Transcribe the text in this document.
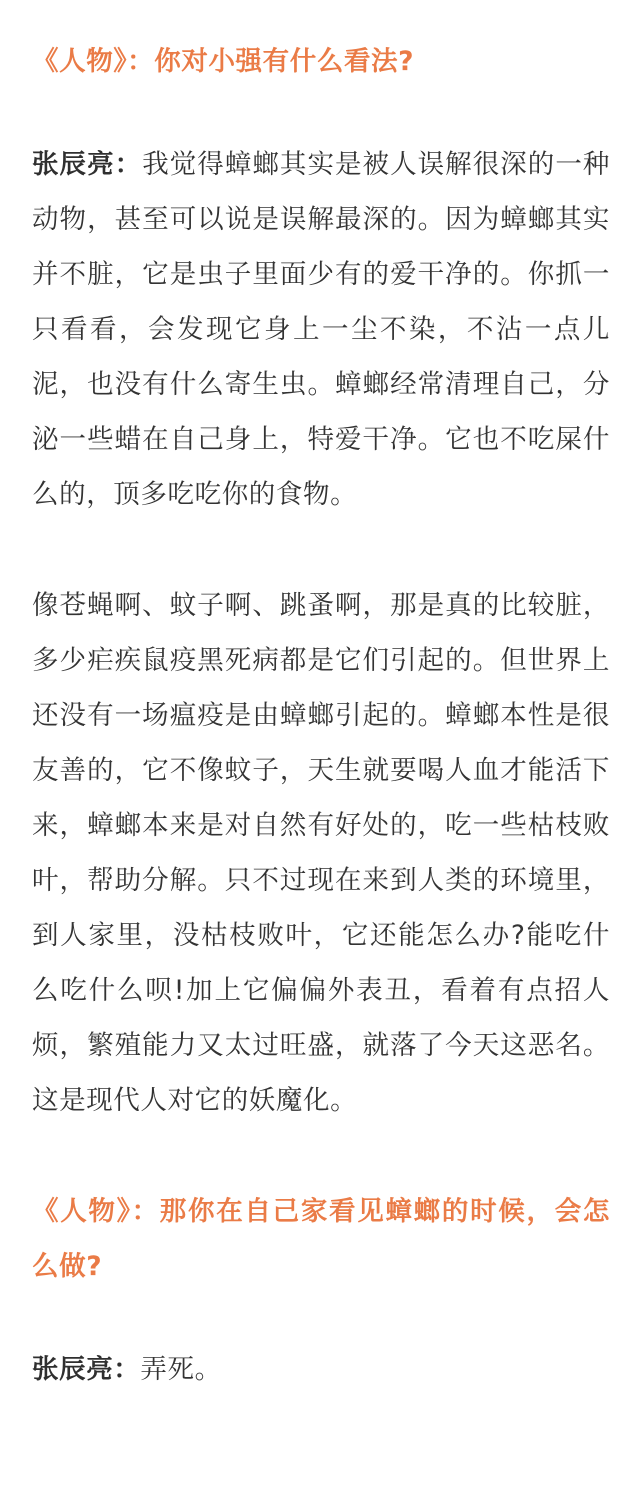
《人物》：你对小强有什么看法?

张辰亮：我觉得蟑螂其实是被人误解很深的一种动物，甚至可以说是误解最深的。因为蟑螂其实并不脏，它是虫子里面少有的爱干净的。你抓一只看看，会发现它身上一尘不染，不沾一点儿泥，也没有什么寄生虫。蟑螂经常清理自己，分泌一些蜡在自己身上，特爱干净。它也不吃屎什么的，顶多吃吃你的食物。

像苍蝇啊、蚊子啊、跳蚤啊，那是真的比较脏，多少疟疾鼠疫黑死病都是它们引起的。但世界上还没有一场瘟疫是由蟑螂引起的。蟑螂本性是很友善的，它不像蚊子，天生就要喝人血才能活下来，蟑螂本来是对自然有好处的，吃一些枯枝败叶，帮助分解。只不过现在来到人类的环境里，到人家里，没枯枝败叶，它还能怎么办?能吃什么吃什么呗!加上它偏偏外表丑，看着有点招人烦，繁殖能力又太过旺盛，就落了今天这恶名。这是现代人对它的妖魔化。

《人物》：那你在自己家看见蟑螂的时候，会怎么做?

张辰亮：弄死。
